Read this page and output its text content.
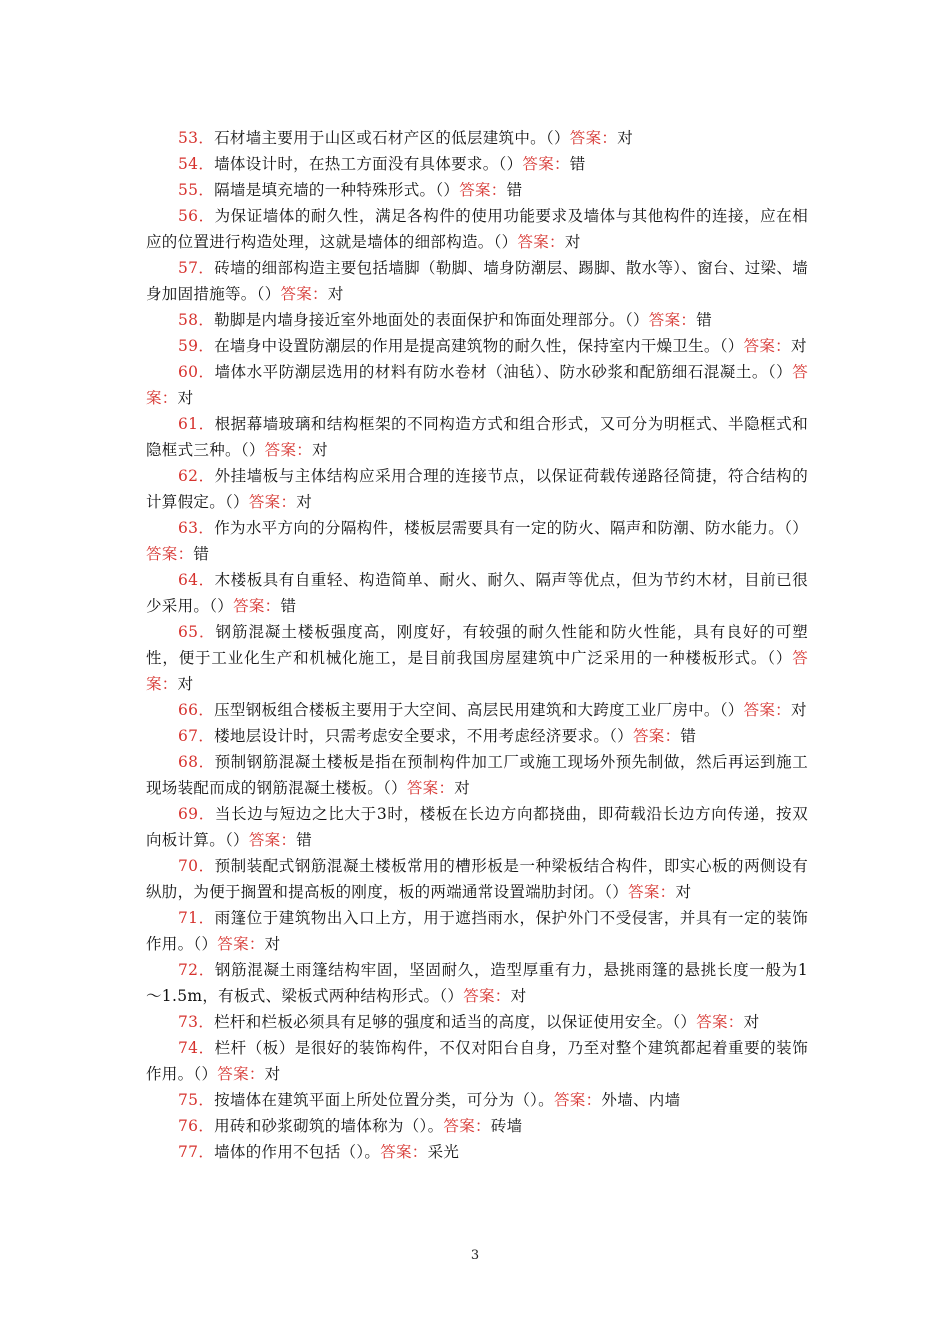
53．石材墙主要用于山区或石材产区的低层建筑中。（）答案：对

54．墙体设计时，在热工方面没有具体要求。（）答案：错

55．隔墙是填充墙的一种特殊形式。（）答案：错

56．为保证墙体的耐久性，满足各构件的使用功能要求及墙体与其他构件的连接，应在相应的位置进行构造处理，这就是墙体的细部构造。（）答案：对

57．砖墙的细部构造主要包括墙脚（勒脚、墙身防潮层、踢脚、散水等）、窗台、过梁、墙身加固措施等。（）答案：对

58．勒脚是内墙身接近室外地面处的表面保护和饰面处理部分。（）答案：错

59．在墙身中设置防潮层的作用是提高建筑物的耐久性，保持室内干燥卫生。（）答案：对

60．墙体水平防潮层选用的材料有防水卷材（油毡）、防水砂浆和配筋细石混凝土。（）答案：对

61．根据幕墙玻璃和结构框架的不同构造方式和组合形式，又可分为明框式、半隐框式和隐框式三种。（）答案：对

62．外挂墙板与主体结构应采用合理的连接节点，以保证荷载传递路径简捷，符合结构的计算假定。（）答案：对

63．作为水平方向的分隔构件，楼板层需要具有一定的防火、隔声和防潮、防水能力。（）答案：错

64．木楼板具有自重轻、构造简单、耐火、耐久、隔声等优点，但为节约木材，目前已很少采用。（）答案：错

65．钢筋混凝土楼板强度高，刚度好，有较强的耐久性能和防火性能，具有良好的可塑性，便于工业化生产和机械化施工，是目前我国房屋建筑中广泛采用的一种楼板形式。（）答案：对

66．压型钢板组合楼板主要用于大空间、高层民用建筑和大跨度工业厂房中。（）答案：对

67．楼地层设计时，只需考虑安全要求，不用考虑经济要求。（）答案：错

68．预制钢筋混凝土楼板是指在预制构件加工厂或施工现场外预先制做，然后再运到施工现场装配而成的钢筋混凝土楼板。（）答案：对

69．当长边与短边之比大于3时，楼板在长边方向都挠曲，即荷载沿长边方向传递，按双向板计算。（）答案：错

70．预制装配式钢筋混凝土楼板常用的槽形板是一种梁板结合构件，即实心板的两侧设有纵肋，为便于搁置和提高板的刚度，板的两端通常设置端肋封闭。（）答案：对

71．雨篷位于建筑物出入口上方，用于遮挡雨水，保护外门不受侵害，并具有一定的装饰作用。（）答案：对

72．钢筋混凝土雨篷结构牢固，坚固耐久，造型厚重有力，悬挑雨篷的悬挑长度一般为1～1.5m，有板式、梁板式两种结构形式。（）答案：对

73．栏杆和栏板必须具有足够的强度和适当的高度，以保证使用安全。（）答案：对

74．栏杆（板）是很好的装饰构件，不仅对阳台自身，乃至对整个建筑都起着重要的装饰作用。（）答案：对

75．按墙体在建筑平面上所处位置分类，可分为（）。答案：外墙、内墙

76．用砖和砂浆砌筑的墙体称为（）。答案：砖墙

77．墙体的作用不包括（）。答案：采光

3
